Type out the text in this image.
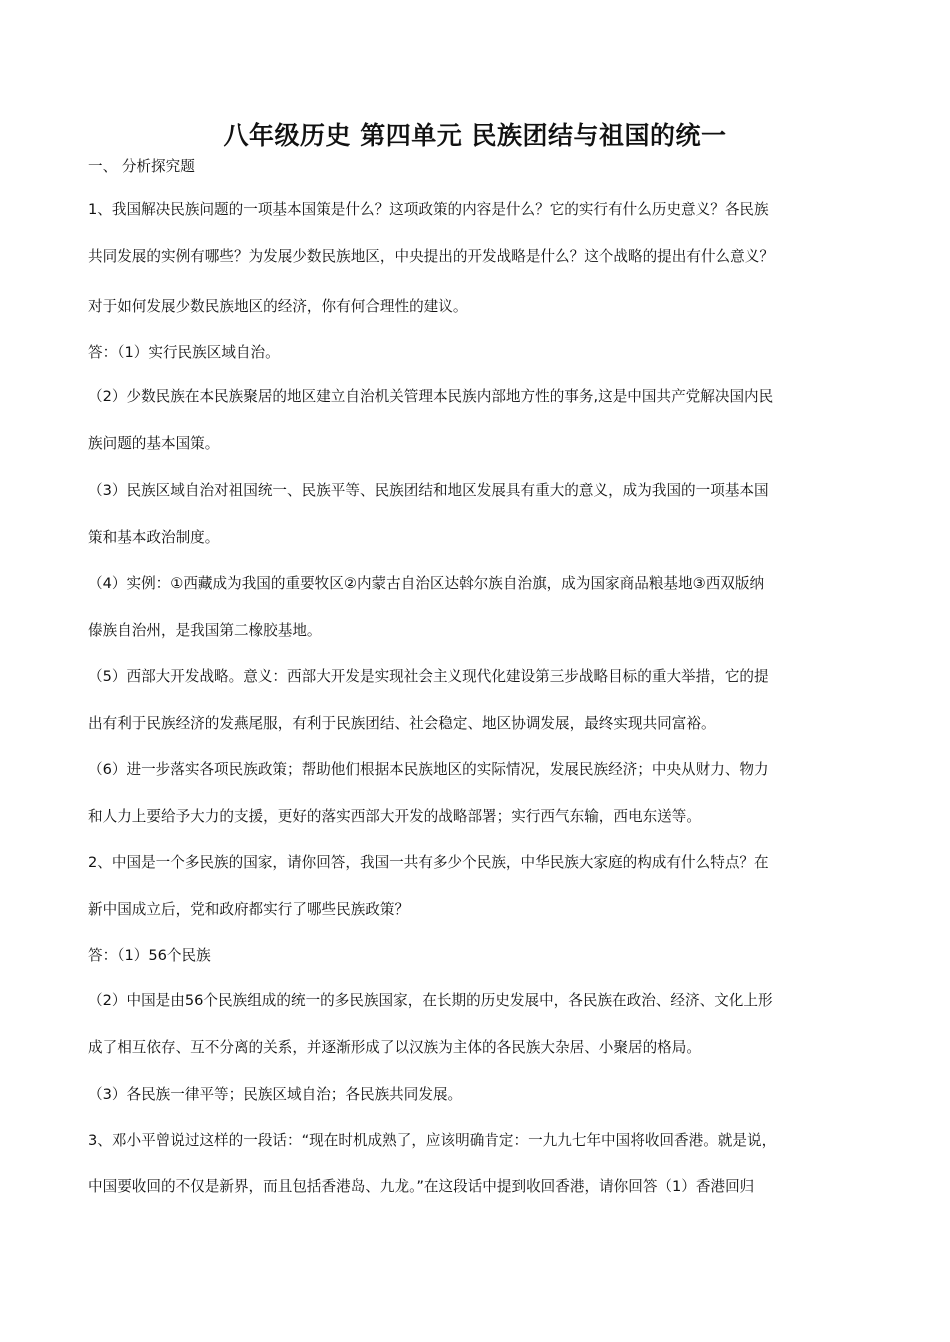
八年级历史 第四单元 民族团结与祖国的统一
一、 分析探究题
1、我国解决民族问题的一项基本国策是什么？这项政策的内容是什么？它的实行有什么历史意义？各民族
共同发展的实例有哪些？为发展少数民族地区，中央提出的开发战略是什么？这个战略的提出有什么意义？
对于如何发展少数民族地区的经济，你有何合理性的建议。
答：（1）实行民族区域自治。
（2）少数民族在本民族聚居的地区建立自治机关管理本民族内部地方性的事务,这是中国共产党解决国内民
族问题的基本国策。
（3）民族区域自治对祖国统一、民族平等、民族团结和地区发展具有重大的意义，成为我国的一项基本国
策和基本政治制度。
（4）实例：①西藏成为我国的重要牧区②内蒙古自治区达斡尔族自治旗，成为国家商品粮基地③西双版纳
傣族自治州，是我国第二橡胶基地。
（5）西部大开发战略。意义：西部大开发是实现社会主义现代化建设第三步战略目标的重大举措，它的提
出有利于民族经济的发燕尾服，有利于民族团结、社会稳定、地区协调发展，最终实现共同富裕。
（6）进一步落实各项民族政策；帮助他们根据本民族地区的实际情况，发展民族经济；中央从财力、物力
和人力上要给予大力的支援，更好的落实西部大开发的战略部署；实行西气东输，西电东送等。
2、中国是一个多民族的国家，请你回答，我国一共有多少个民族，中华民族大家庭的构成有什么特点？在
新中国成立后，党和政府都实行了哪些民族政策？
答：（1）56个民族
（2）中国是由56个民族组成的统一的多民族国家，在长期的历史发展中，各民族在政治、经济、文化上形
成了相互依存、互不分离的关系，并逐渐形成了以汉族为主体的各民族大杂居、小聚居的格局。
（3）各民族一律平等；民族区域自治；各民族共同发展。
3、邓小平曾说过这样的一段话：“现在时机成熟了，应该明确肯定：一九九七年中国将收回香港。就是说，
中国要收回的不仅是新界，而且包括香港岛、九龙。”在这段话中提到收回香港，请你回答（1）香港回归
